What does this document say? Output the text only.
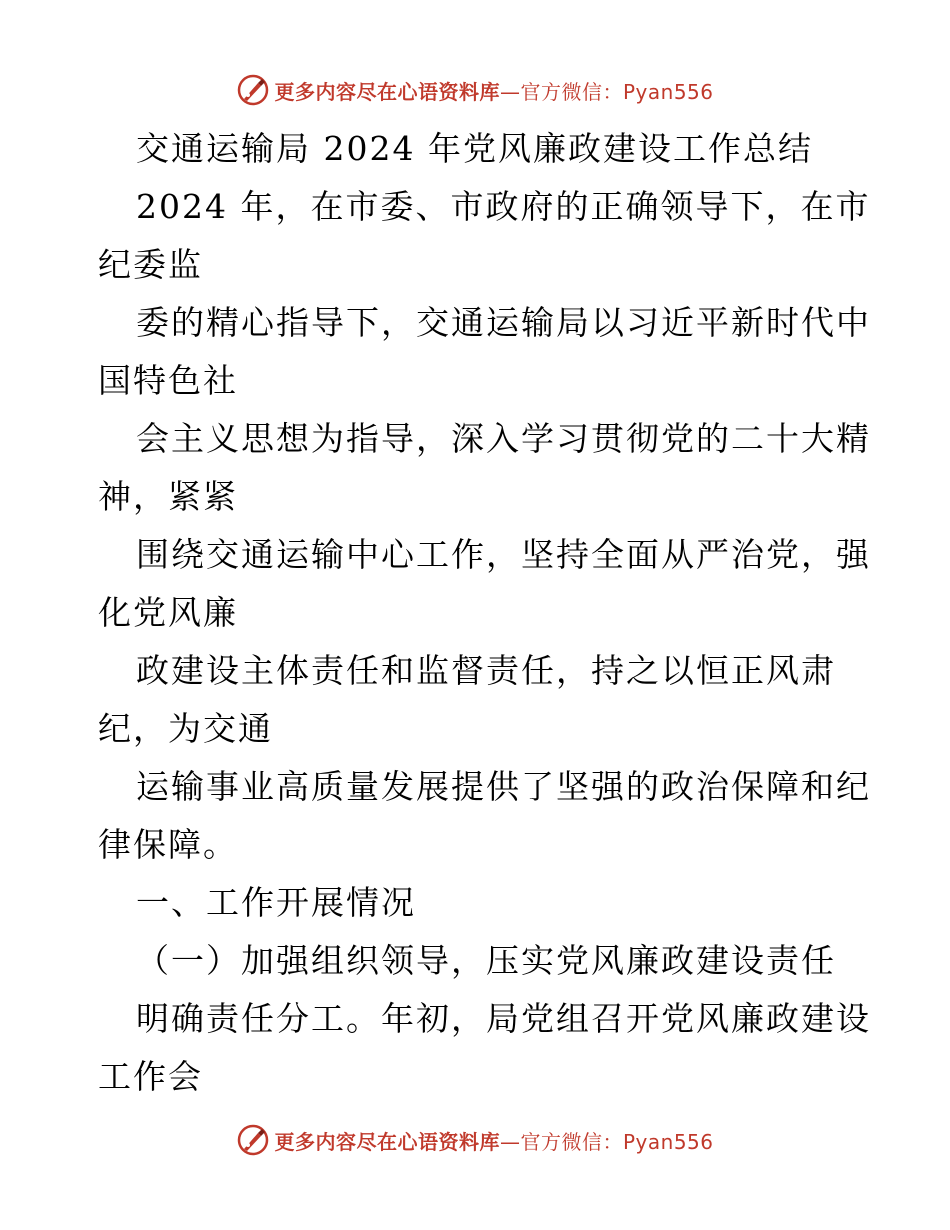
更多内容尽在心语资料库—官方微信：Pyan556
交通运输局 2024 年党风廉政建设工作总结
2024 年，在市委、市政府的正确领导下，在市
纪委监
委的精心指导下，交通运输局以习近平新时代中
国特色社
会主义思想为指导，深入学习贯彻党的二十大精
神，紧紧
围绕交通运输中心工作，坚持全面从严治党，强
化党风廉
政建设主体责任和监督责任，持之以恒正风肃
纪，为交通
运输事业高质量发展提供了坚强的政治保障和纪
律保障。
一、工作开展情况
（一）加强组织领导，压实党风廉政建设责任
明确责任分工。年初，局党组召开党风廉政建设
工作会
更多内容尽在心语资料库—官方微信：Pyan556
